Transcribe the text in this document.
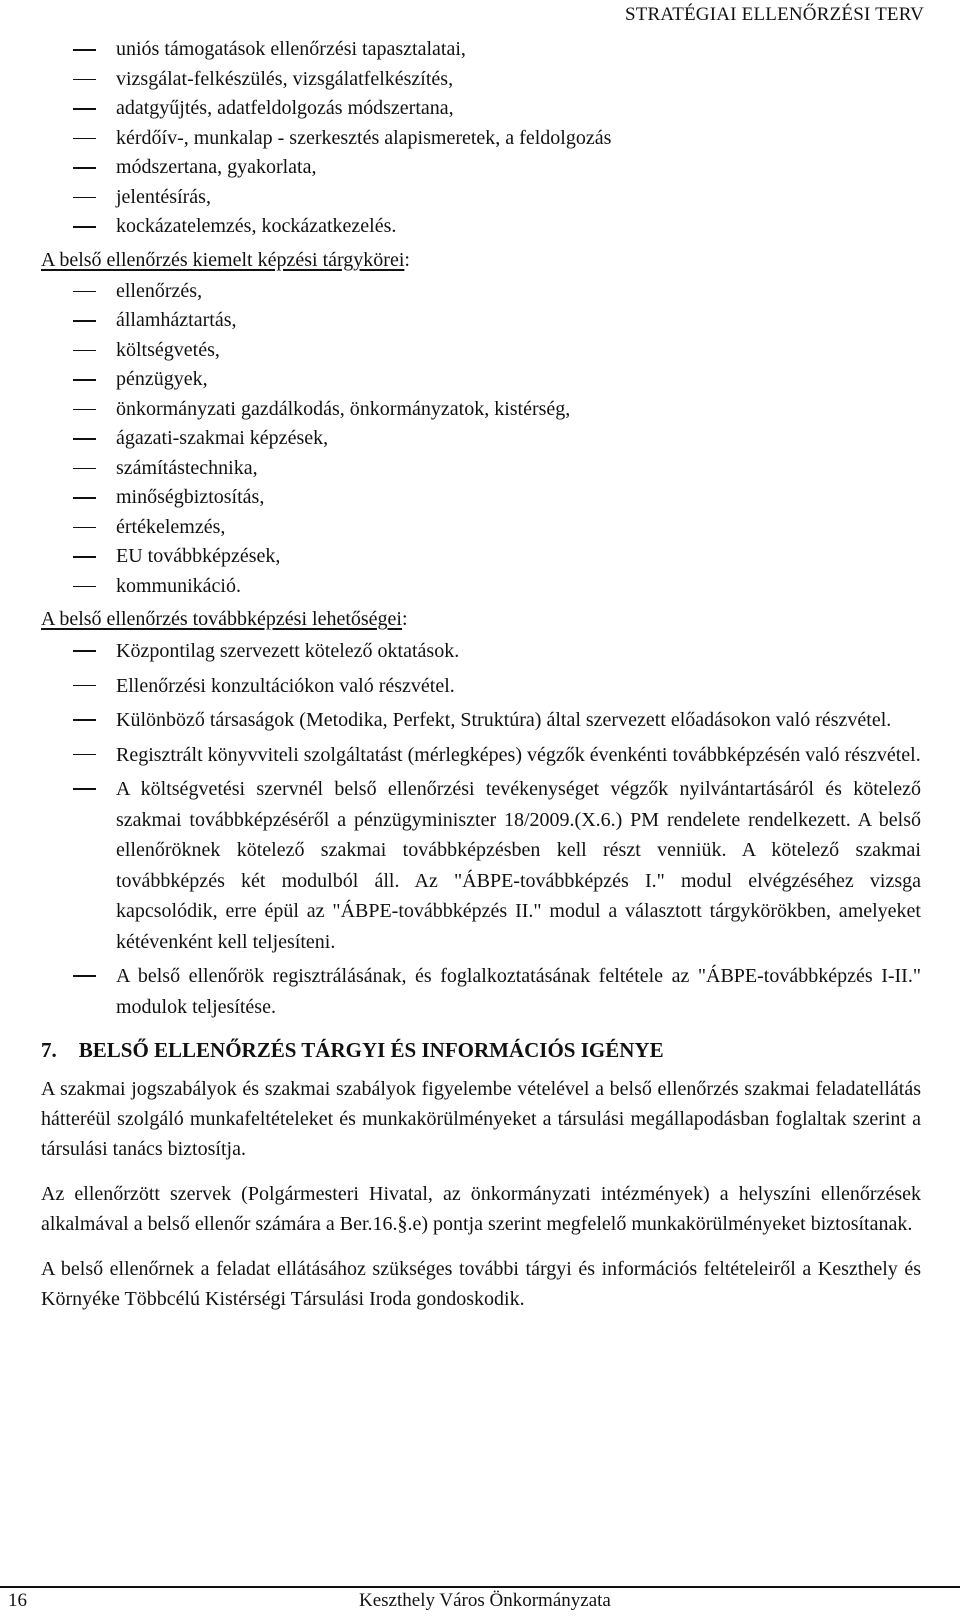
STRATÉGIAI ELLENŐRZÉSI TERV
uniós támogatások ellenőrzési tapasztalatai,
vizsgálat-felkészülés, vizsgálatfelkészítés,
adatgyűjtés, adatfeldolgozás módszertana,
kérdőív-, munkalap - szerkesztés alapismeretek, a feldolgozás
módszertana, gyakorlata,
jelentésírás,
kockázatelemzés, kockázatkezelés.

A belső ellenőrzés kiemelt képzési tárgykörei:

ellenőrzés,
államháztartás,
költségvetés,
pénzügyek,
önkormányzati gazdálkodás, önkormányzatok, kistérség,
ágazati-szakmai képzések,
számítástechnika,
minőségbiztosítás,
értékelemzés,
EU továbbképzések,
kommunikáció.

A belső ellenőrzés továbbképzési lehetőségei:

Központilag szervezett kötelező oktatások.
Ellenőrzési konzultációkon való részvétel.
Különböző társaságok (Metodika, Perfekt, Struktúra) által szervezett előadásokon való részvétel.
Regisztrált könyvviteli szolgáltatást (mérlegképes) végzők évenkénti továbbképzésén való részvétel.
A költségvetési szervnél belső ellenőrzési tevékenységet végzők nyilvántartásáról és kötelező szakmai továbbképzéséről a pénzügyminiszter 18/2009.(X.6.) PM rendelete rendelkezett. A belső ellenőröknek kötelező szakmai továbbképzésben kell részt venniük. A kötelező szakmai továbbképzés két modulból áll. Az "ÁBPE-továbbképzés I." modul elvégzéséhez vizsga kapcsolódik, erre épül az "ÁBPE-továbbképzés II." modul a választott tárgykörökben, amelyeket kétévenként kell teljesíteni.
A belső ellenőrök regisztrálásának, és foglalkoztatásának feltétele az "ÁBPE-továbbképzés I-II." modulok teljesítése.
7. BELSŐ ELLENŐRZÉS TÁRGYI ÉS INFORMÁCIÓS IGÉNYE

A szakmai jogszabályok és szakmai szabályok figyelembe vételével a belső ellenőrzés szakmai feladatellátás hátteréül szolgáló munkafeltételeket és munkakörülményeket a társulási megállapodásban foglaltak szerint a társulási tanács biztosítja.

Az ellenőrzött szervek (Polgármesteri Hivatal, az önkormányzati intézmények) a helyszíni ellenőrzések alkalmával a belső ellenőr számára a Ber.16.§.e) pontja szerint megfelelő munkakörülményeket biztosítanak.

A belső ellenőrnek a feladat ellátásához szükséges további tárgyi és információs feltételeiről a Keszthely és Környéke Többcélú Kistérségi Társulási Iroda gondoskodik.

16	Keszthely Város Önkormányzata
